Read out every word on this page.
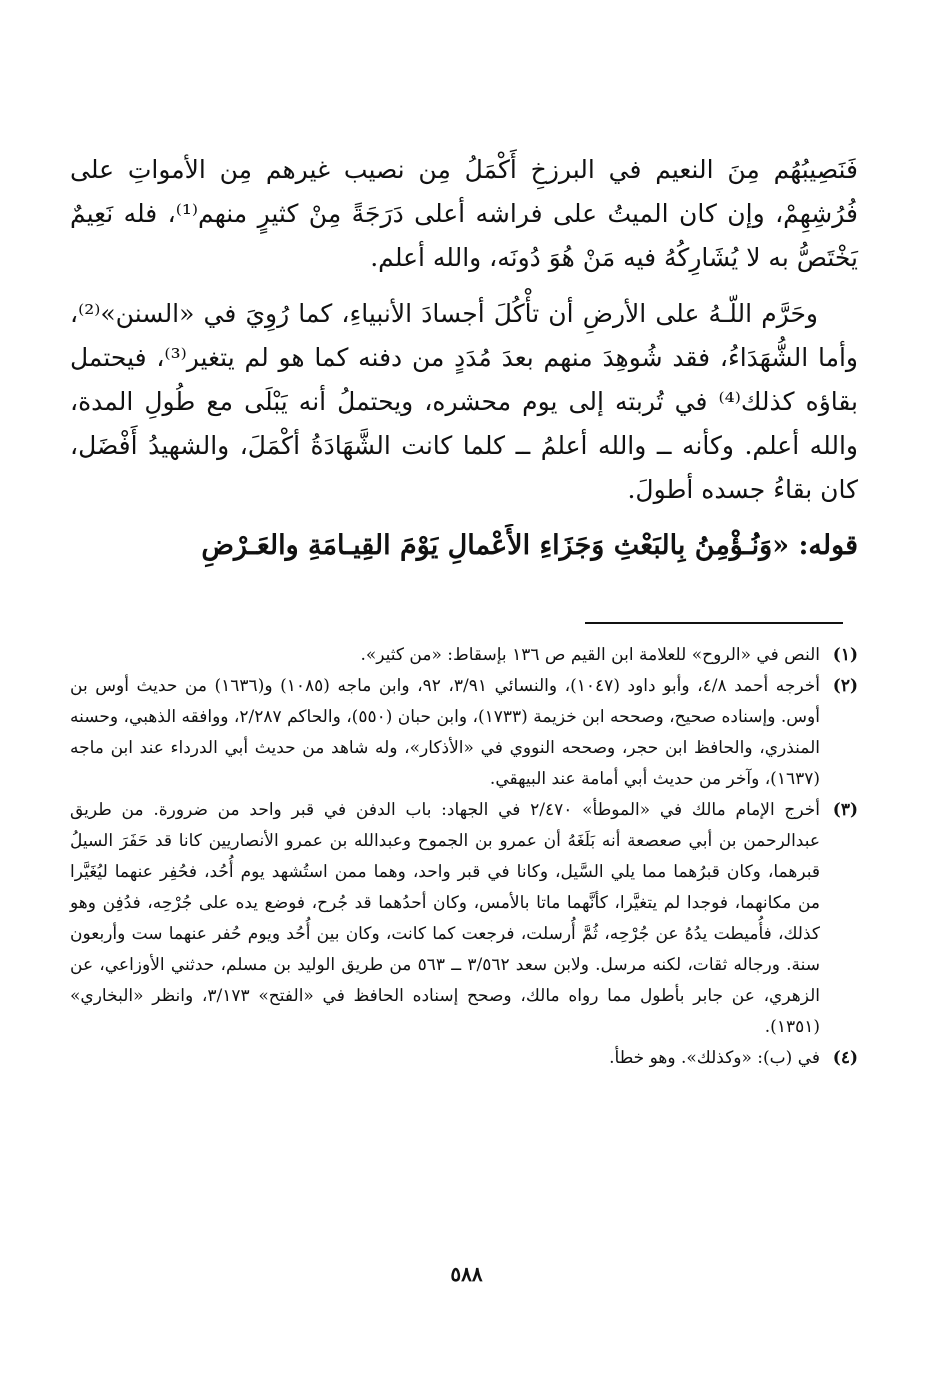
فَنَصِيبُهُم مِنَ النعيم في البرزخِ أَكْمَلُ مِن نصيب غيرهم مِن الأمواتِ على فُرُشِهِمْ، وإن كان الميتُ على فراشه أعلى دَرَجَةً مِنْ كثيرٍ منهم⁽¹⁾، فله نَعِيمٌ يَخْتَصُّ به لا يُشَارِكُهُ فيه مَنْ هُوَ دُونَه، والله أعلم.

وحَرَّم اللّـهُ على الأرضِ أن تأْكُلَ أجسادَ الأنبياءِ، كما رُوِيَ في «السنن»⁽²⁾، وأما الشُّهَدَاءُ، فقد شُوهِدَ منهم بعدَ مُدَدٍ من دفنه كما هو لم يتغير⁽³⁾، فيحتمل بقاؤه كذلك⁽⁴⁾ في تُربته إلى يوم محشره، ويحتملُ أنه يَبْلَى مع طُولِ المدة، والله أعلم. وكأنه ــ والله أعلمُ ــ كلما كانت الشَّهَادَةُ أكْمَلَ، والشهيدُ أَفْضَل، كان بقاءُ جسده أطولَ.

قوله: «وَنُـؤْمِنُ بِالبَعْثِ وَجَزَاءِ الأَعْمالِ يَوْمَ القِيـامَةِ والعَـرْضِ

(١)
النص في «الروح» للعلامة ابن القيم ص ١٣٦ بإسقاط: «من كثير».
(٢)
أخرجه أحمد ٤/٨، وأبو داود (١٠٤٧)، والنسائي ٣/٩١، ٩٢، وابن ماجه (١٠٨٥) و(١٦٣٦) من حديث أوس بن أوس. وإسناده صحيح، وصححه ابن خزيمة (١٧٣٣)، وابن حبان (٥٥٠)، والحاكم ٢/٢٨٧، ووافقه الذهبي، وحسنه المنذري، والحافظ ابن حجر، وصححه النووي في «الأذكار»، وله شاهد من حديث أبي الدرداء عند ابن ماجه (١٦٣٧)، وآخر من حديث أبي أمامة عند البيهقي.
(٣)
أخرج الإمام مالك في «الموطأ» ٢/٤٧٠ في الجهاد: باب الدفن في قبر واحد من ضرورة. من طريق عبدالرحمن بن أبي صعصعة أنه بَلَغَهُ أن عمرو بن الجموح وعبدالله بن عمرو الأنصاريين كانا قد حَفَرَ السيلُ قبرهما، وكان قبرُهما مما يلي السَّيل، وكانا في قبر واحد، وهما ممن استُشهد يوم أُحُد، فحُفِر عنهما ليُغَيَّرا من مكانهما، فوجدا لم يتغيَّرا، كأنَّهما ماتا بالأمس، وكان أحدُهما قد جُرح، فوضع يده على جُرْحِه، فدُفِن وهو كذلك، فأُميطت يدُهُ عن جُرْحِه، ثُمَّ أُرسلت، فرجعت كما كانت، وكان بين أُحُد ويوم حُفر عنهما ست وأربعون سنة. ورجاله ثقات، لكنه مرسل. ولابن سعد ٣/٥٦٢ ــ ٥٦٣ من طريق الوليد بن مسلم، حدثني الأوزاعي، عن الزهري، عن جابر بأطول مما رواه مالك، وصحح إسناده الحافظ في «الفتح» ٣/١٧٣، وانظر «البخاري» (١٣٥١).
(٤)
في (ب): «وكذلك». وهو خطأ.
٥٨٨
